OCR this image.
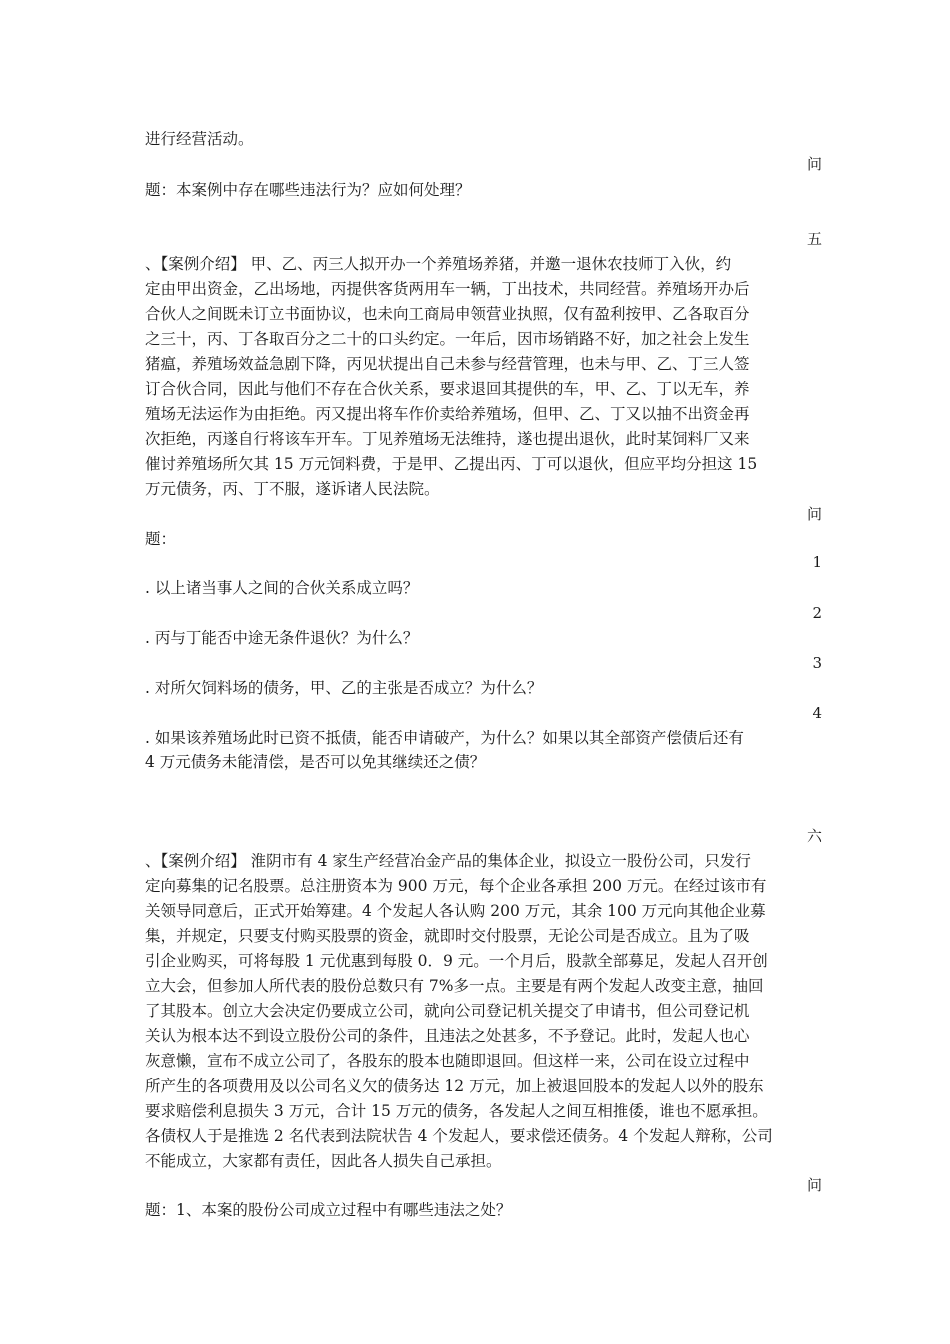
进行经营活动。
问
题：本案例中存在哪些违法行为？应如何处理？
五
、【案例介绍】 甲、乙、丙三人拟开办一个养殖场养猪，并邀一退休农技师丁入伙，约
定由甲出资金，乙出场地，丙提供客货两用车一辆，丁出技术，共同经营。养殖场开办后
合伙人之间既未订立书面协议，也未向工商局申领营业执照，仅有盈利按甲、乙各取百分
之三十，丙、丁各取百分之二十的口头约定。一年后，因市场销路不好，加之社会上发生
猪瘟，养殖场效益急剧下降，丙见状提出自己未参与经营管理，也未与甲、乙、丁三人签
订合伙合同，因此与他们不存在合伙关系，要求退回其提供的车，甲、乙、丁以无车，养
殖场无法运作为由拒绝。丙又提出将车作价卖给养殖场，但甲、乙、丁又以抽不出资金再
次拒绝，丙遂自行将该车开车。丁见养殖场无法维持，遂也提出退伙，此时某饲料厂又来
催讨养殖场所欠其 15 万元饲料费，于是甲、乙提出丙、丁可以退伙，但应平均分担这 15
万元债务，丙、丁不服，遂诉诸人民法院。
问
题：
1
. 以上诸当事人之间的合伙关系成立吗？
2
. 丙与丁能否中途无条件退伙？为什么？
3
. 对所欠饲料场的债务，甲、乙的主张是否成立？为什么？
4
. 如果该养殖场此时已资不抵债，能否申请破产，为什么？如果以其全部资产偿债后还有
4 万元债务未能清偿，是否可以免其继续还之债？
六
、【案例介绍】 淮阴市有 4 家生产经营冶金产品的集体企业，拟设立一股份公司，只发行
定向募集的记名股票。总注册资本为 900 万元，每个企业各承担 200 万元。在经过该市有
关领导同意后，正式开始筹建。4 个发起人各认购 200 万元，其余 100 万元向其他企业募
集，并规定，只要支付购买股票的资金，就即时交付股票，无论公司是否成立。且为了吸
引企业购买，可将每股 1 元优惠到每股 0．9 元。一个月后，股款全部募足，发起人召开创
立大会，但参加人所代表的股份总数只有 7%多一点。主要是有两个发起人改变主意，抽回
了其股本。创立大会决定仍要成立公司，就向公司登记机关提交了申请书，但公司登记机
关认为根本达不到设立股份公司的条件，且违法之处甚多，不予登记。此时，发起人也心
灰意懒，宣布不成立公司了，各股东的股本也随即退回。但这样一来，公司在设立过程中
所产生的各项费用及以公司名义欠的债务达 12 万元，加上被退回股本的发起人以外的股东
要求赔偿利息损失 3 万元，合计 15 万元的债务，各发起人之间互相推倭，谁也不愿承担。
各债权人于是推选 2 名代表到法院状告 4 个发起人，要求偿还债务。4 个发起人辩称，公司
不能成立，大家都有责任，因此各人损失自己承担。
问
题：1、本案的股份公司成立过程中有哪些违法之处？
